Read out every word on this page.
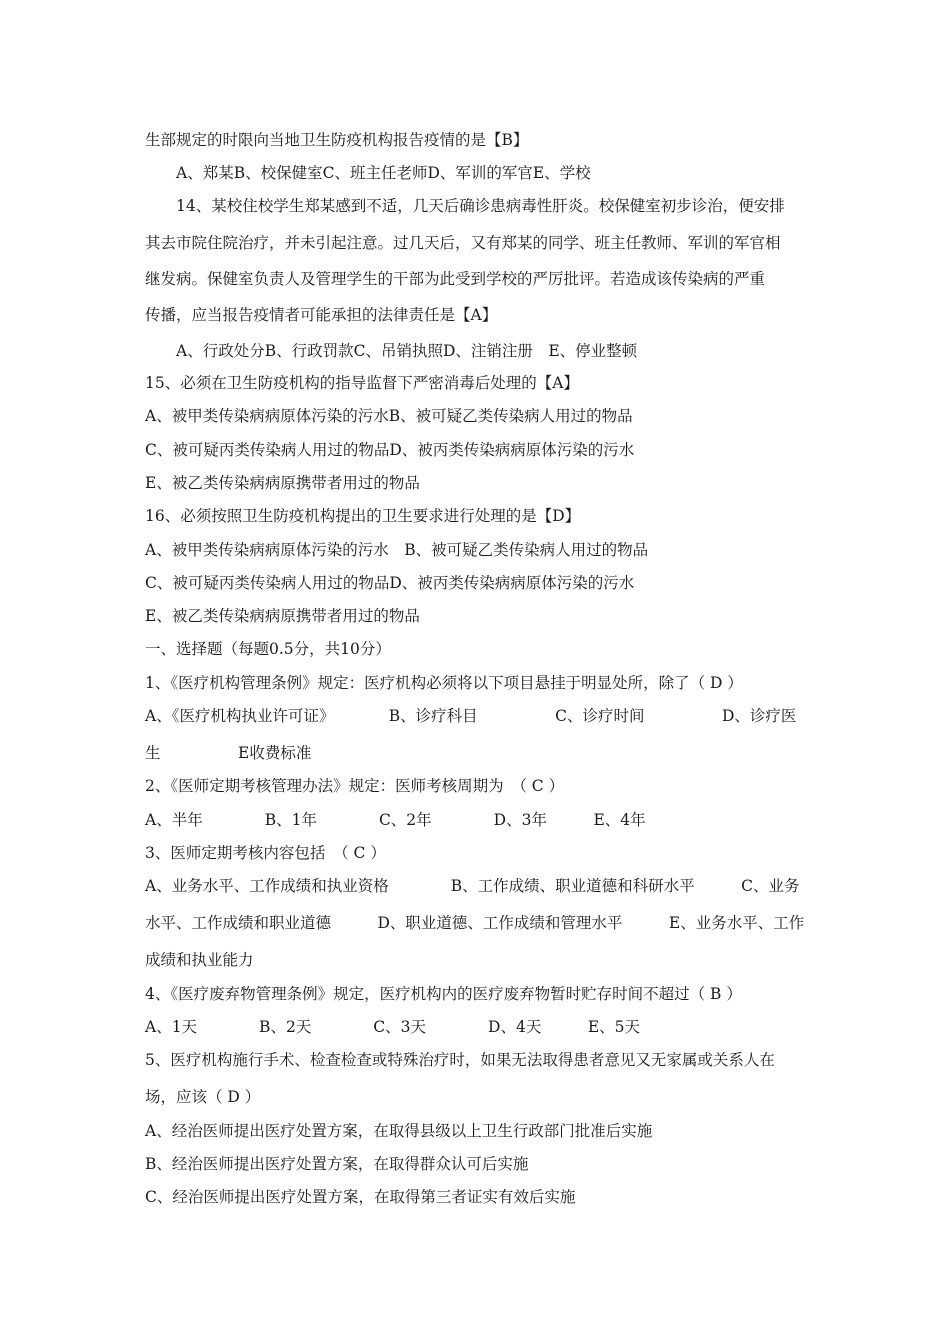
生部规定的时限向当地卫生防疫机构报告疫情的是【B】
A、郑某B、校保健室C、班主任老师D、军训的军官E、学校
14、某校住校学生郑某感到不适，几天后确诊患病毒性肝炎。校保健室初步诊治，便安排
其去市院住院治疗，并未引起注意。过几天后，又有郑某的同学、班主任教师、军训的军官相
继发病。保健室负责人及管理学生的干部为此受到学校的严厉批评。若造成该传染病的严重
传播，应当报告疫情者可能承担的法律责任是【A】
A、行政处分B、行政罚款C、吊销执照D、注销注册　E、停业整顿
15、必须在卫生防疫机构的指导监督下严密消毒后处理的【A】
A、被甲类传染病病原体污染的污水B、被可疑乙类传染病人用过的物品
C、被可疑丙类传染病人用过的物品D、被丙类传染病病原体污染的污水
E、被乙类传染病病原携带者用过的物品
16、必须按照卫生防疫机构提出的卫生要求进行处理的是【D】
A、被甲类传染病病原体污染的污水　B、被可疑乙类传染病人用过的物品
C、被可疑丙类传染病人用过的物品D、被丙类传染病病原体污染的污水
E、被乙类传染病病原携带者用过的物品
一、选择题（每题0.5分，共10分）
1、《医疗机构管理条例》规定：医疗机构必须将以下项目悬挂于明显处所，除了（ D ）
A、《医疗机构执业许可证》　　　　B、诊疗科目　　　　　C、诊疗时间　　　　　D、诊疗医
生　　　　　E收费标准
2、《医师定期考核管理办法》规定：医师考核周期为　（ C ）
A、半年　　　　B、1年　　　　C、2年　　　　D、3年　　　E、4年
3、医师定期考核内容包括　（ C ）
A、业务水平、工作成绩和执业资格　　　　B、工作成绩、职业道德和科研水平　　　C、业务
水平、工作成绩和职业道德　　　D、职业道德、工作成绩和管理水平　　　E、业务水平、工作
成绩和执业能力
4、《医疗废弃物管理条例》规定，医疗机构内的医疗废弃物暂时贮存时间不超过（ B ）
A、1天　　　　B、2天　　　　C、3天　　　　D、4天　　　E、5天
5、医疗机构施行手术、检查检查或特殊治疗时，如果无法取得患者意见又无家属或关系人在
场，应该（ D ）
A、经治医师提出医疗处置方案，在取得县级以上卫生行政部门批准后实施
B、经治医师提出医疗处置方案，在取得群众认可后实施
C、经治医师提出医疗处置方案，在取得第三者证实有效后实施
